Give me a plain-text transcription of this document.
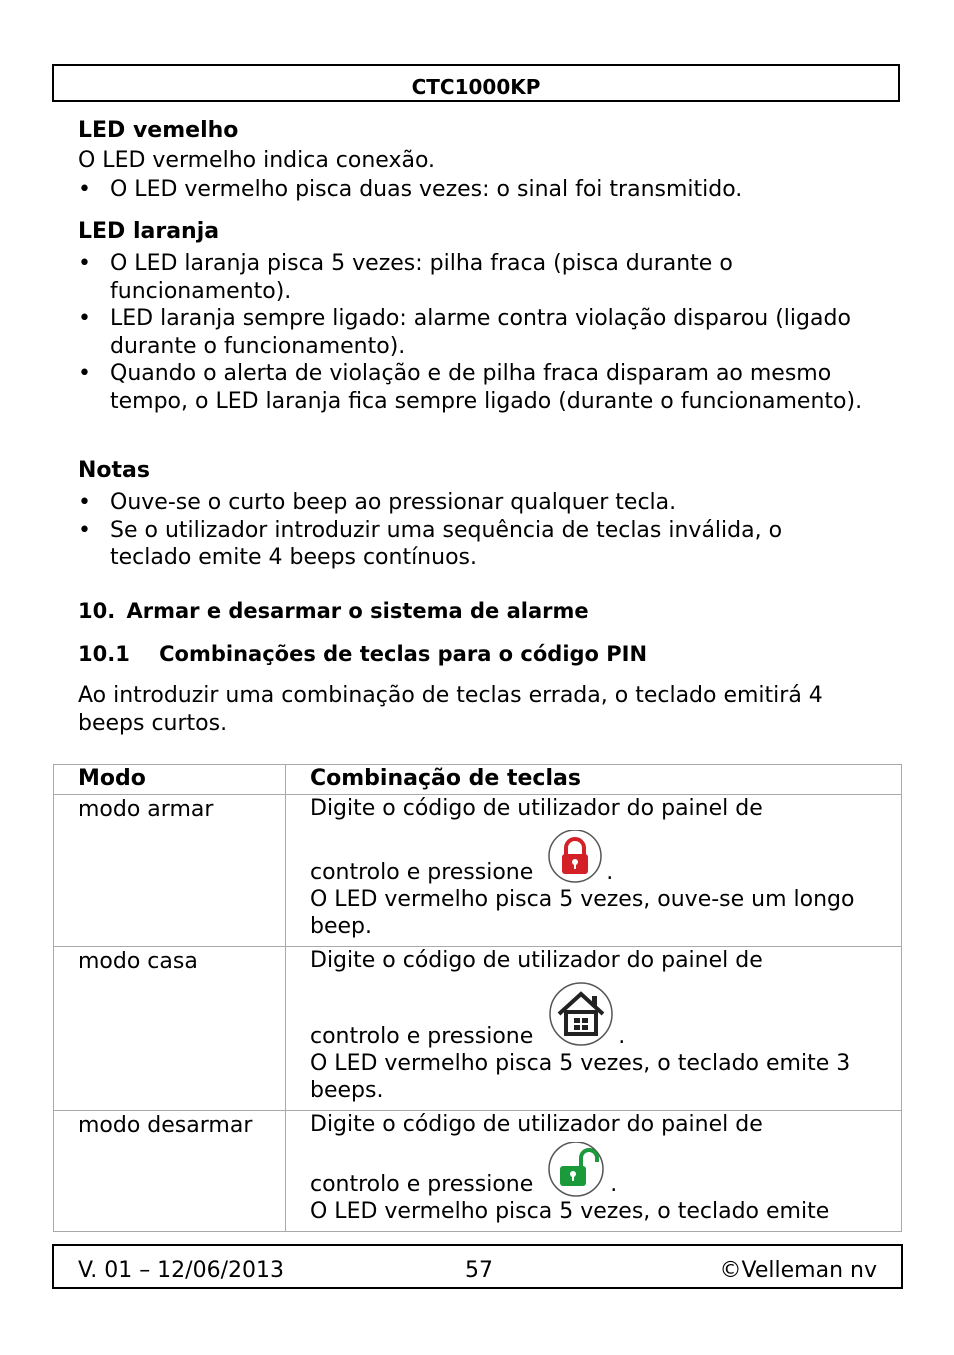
CTC1000KP
LED vemelho
O LED vermelho indica conexão.
• O LED vermelho pisca duas vezes: o sinal foi transmitido.
LED laranja
• O LED laranja pisca 5 vezes: pilha fraca (pisca durante o funcionamento).
• LED laranja sempre ligado: alarme contra violação disparou (ligado durante o funcionamento).
• Quando o alerta de violação e de pilha fraca disparam ao mesmo tempo, o LED laranja fica sempre ligado (durante o funcionamento).
Notas
• Ouve-se o curto beep ao pressionar qualquer tecla.
• Se o utilizador introduzir uma sequência de teclas inválida, o teclado emite 4 beeps contínuos.
10. Armar e desarmar o sistema de alarme
10.1 Combinações de teclas para o código PIN
Ao introduzir uma combinação de teclas errada, o teclado emitirá 4 beeps curtos.
Modo	Combinação de teclas

modo armar	Digite o código de utilizador do painel de
controlo e pressione .
O LED vermelho pisca 5 vezes, ouve-se um longo beep.

modo casa	Digite o código de utilizador do painel de
controlo e pressione .
O LED vermelho pisca 5 vezes, o teclado emite 3 beeps.

modo desarmar	Digite o código de utilizador do painel de
controlo e pressione .
O LED vermelho pisca 5 vezes, o teclado emite
V. 01 – 12/06/2013	57	©Velleman nv
